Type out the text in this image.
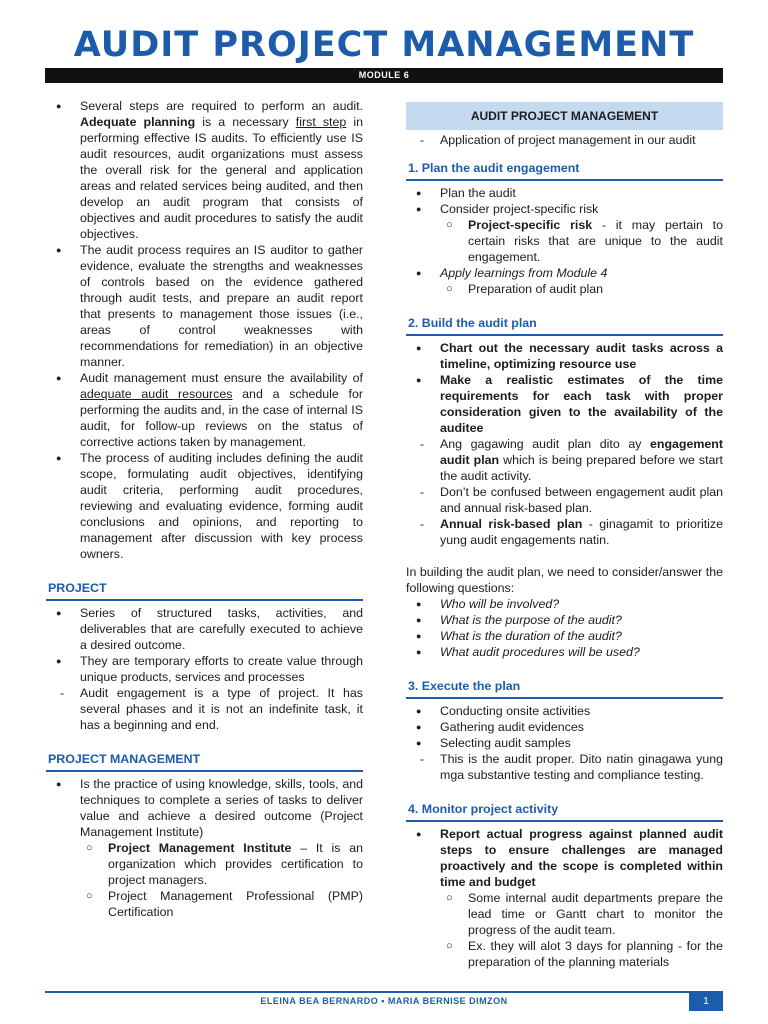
AUDIT PROJECT MANAGEMENT
MODULE 6
● Several steps are required to perform an audit. Adequate planning is a necessary first step in performing effective IS audits. To efficiently use IS audit resources, audit organizations must assess the overall risk for the general and application areas and related services being audited, and then develop an audit program that consists of objectives and audit procedures to satisfy the audit objectives.
● The audit process requires an IS auditor to gather evidence, evaluate the strengths and weaknesses of controls based on the evidence gathered through audit tests, and prepare an audit report that presents to management those issues (i.e., areas of control weaknesses with recommendations for remediation) in an objective manner.
● Audit management must ensure the availability of adequate audit resources and a schedule for performing the audits and, in the case of internal IS audit, for follow-up reviews on the status of corrective actions taken by management.
● The process of auditing includes defining the audit scope, formulating audit objectives, identifying audit criteria, performing audit procedures, reviewing and evaluating evidence, forming audit conclusions and opinions, and reporting to management after discussion with key process owners.
PROJECT
● Series of structured tasks, activities, and deliverables that are carefully executed to achieve a desired outcome.
● They are temporary efforts to create value through unique products, services and processes
- Audit engagement is a type of project. It has several phases and it is not an indefinite task, it has a beginning and end.
PROJECT MANAGEMENT
● Is the practice of using knowledge, skills, tools, and techniques to complete a series of tasks to deliver value and achieve a desired outcome (Project Management Institute)
○ Project Management Institute – It is an organization which provides certification to project managers.
○ Project Management Professional (PMP) Certification
AUDIT PROJECT MANAGEMENT
- Application of project management in our audit
1. Plan the audit engagement
● Plan the audit
● Consider project-specific risk
○ Project-specific risk - it may pertain to certain risks that are unique to the audit engagement.
● Apply learnings from Module 4
○ Preparation of audit plan
2. Build the audit plan
● Chart out the necessary audit tasks across a timeline, optimizing resource use
● Make a realistic estimates of the time requirements for each task with proper consideration given to the availability of the auditee
- Ang gagawing audit plan dito ay engagement audit plan which is being prepared before we start the audit activity.
- Don’t be confused between engagement audit plan and annual risk-based plan.
- Annual risk-based plan - ginagamit to prioritize yung audit engagements natin.
In building the audit plan, we need to consider/answer the following questions:
● Who will be involved?
● What is the purpose of the audit?
● What is the duration of the audit?
● What audit procedures will be used?
3. Execute the plan
● Conducting onsite activities
● Gathering audit evidences
● Selecting audit samples
- This is the audit proper. Dito natin ginagawa yung mga substantive testing and compliance testing.
4. Monitor project activity
● Report actual progress against planned audit steps to ensure challenges are managed proactively and the scope is completed within time and budget
○ Some internal audit departments prepare the lead time or Gantt chart to monitor the progress of the audit team.
○ Ex. they will alot 3 days for planning - for the preparation of the planning materials
ELEINA BEA BERNARDO • MARIA BERNISE DIMZON	1
